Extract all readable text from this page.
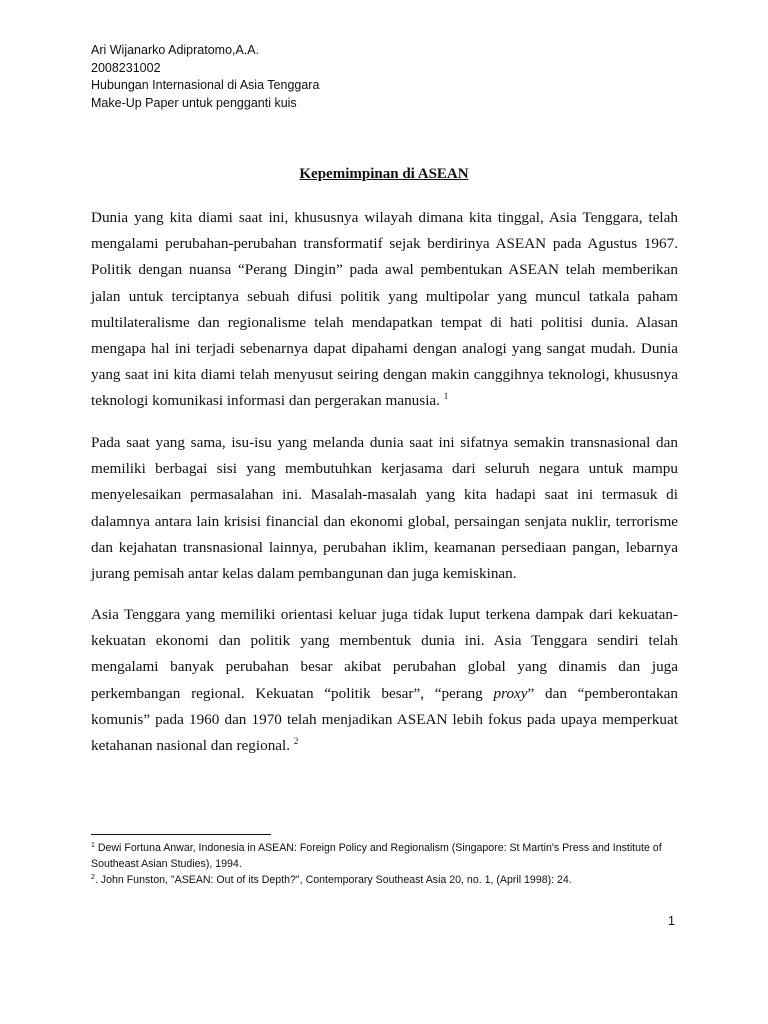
Ari Wijanarko Adipratomo,A.A.
2008231002
Hubungan Internasional di Asia Tenggara
Make-Up Paper untuk pengganti kuis
Kepemimpinan di ASEAN

Dunia yang kita diami saat ini, khususnya wilayah dimana kita tinggal, Asia Tenggara, telah mengalami perubahan-perubahan transformatif sejak berdirinya ASEAN pada Agustus 1967. Politik dengan nuansa “Perang Dingin” pada awal pembentukan ASEAN telah memberikan jalan untuk terciptanya sebuah difusi politik yang multipolar yang muncul tatkala paham multilateralisme dan regionalisme telah mendapatkan tempat di hati politisi dunia. Alasan mengapa hal ini terjadi sebenarnya dapat dipahami dengan analogi yang sangat mudah. Dunia yang saat ini kita diami telah menyusut seiring dengan makin canggihnya teknologi, khususnya teknologi komunikasi informasi dan pergerakan manusia. $^1$

Pada saat yang sama, isu-isu yang melanda dunia saat ini sifatnya semakin transnasional dan memiliki berbagai sisi yang membutuhkan kerjasama dari seluruh negara untuk mampu menyelesaikan permasalahan ini. Masalah-masalah yang kita hadapi saat ini termasuk di dalamnya antara lain krisisi financial dan ekonomi global, persaingan senjata nuklir, terrorisme dan kejahatan transnasional lainnya, perubahan iklim, keamanan persediaan pangan, lebarnya jurang pemisah antar kelas dalam pembangunan dan juga kemiskinan.

Asia Tenggara yang memiliki orientasi keluar juga tidak luput terkena dampak dari kekuatan-kekuatan ekonomi dan politik yang membentuk dunia ini. Asia Tenggara sendiri telah mengalami banyak perubahan besar akibat perubahan global yang dinamis dan juga perkembangan regional. Kekuatan “politik besar”, “perang proxy” dan “pemberontakan komunis” pada 1960 dan 1970 telah menjadikan ASEAN lebih fokus pada upaya memperkuat ketahanan nasional dan regional. $^2$

$^1$ Dewi Fortuna Anwar, Indonesia in ASEAN: Foreign Policy and Regionalism (Singapore: St Martin's Press and Institute of Southeast Asian Studies), 1994.
$^2$. John Funston, "ASEAN: Out of its Depth?", Contemporary Southeast Asia 20, no. 1, (April 1998): 24.
1
